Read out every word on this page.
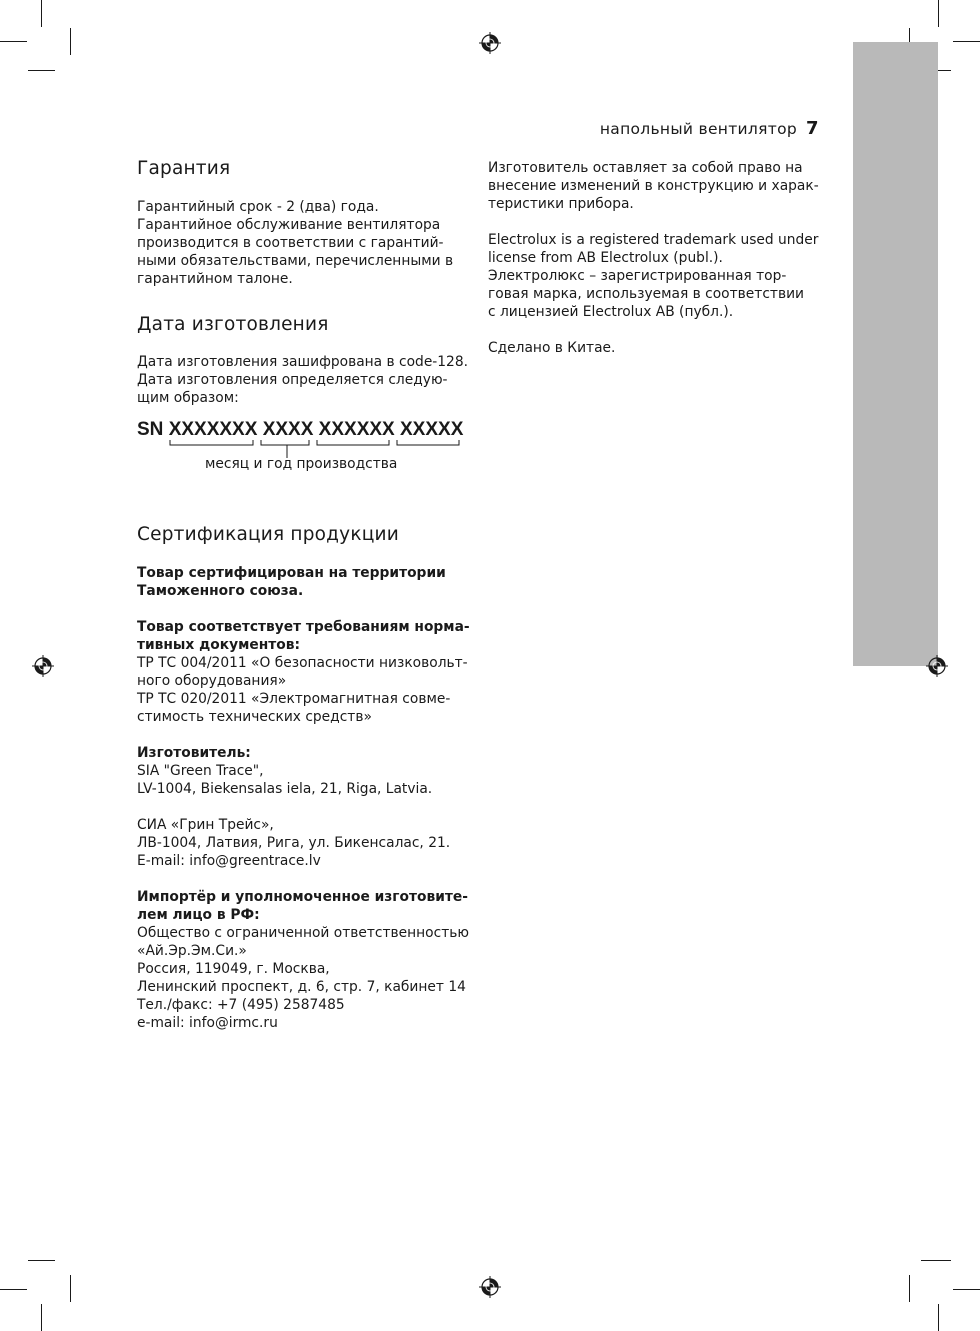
напольный вентилятор 7
Гарантия
Гарантийный срок - 2 (два) года.
Гарантийное обслуживание вентилятора
производится в соответствии с гарантий-
ными обязательствами, перечисленными в
гарантийном талоне.
Дата изготовления
Дата изготовления зашифрована в code-128.
Дата изготовления определяется следую-
щим образом:
SN XXXXXXX XXXX XXXXXX XXXXX
месяц и год производства
Сертификация продукции
Товар сертифицирован на территории
Таможенного союза.
Товар соответствует требованиям норма-
тивных документов:
ТР ТС 004/2011 «О безопасности низковольт-
ного оборудования»
ТР ТС 020/2011 «Электромагнитная совме-
стимость технических средств»
Изготовитель:
SIA "Green Trace",
LV-1004, Biekensalas iela, 21, Riga, Latvia.
СИА «Грин Трейс»,
ЛВ-1004, Латвия, Рига, ул. Бикенсалас, 21.
E-mail: info@greentrace.lv
Импортёр и уполномоченное изготовите-
лем лицо в РФ:
Общество с ограниченной ответственностью
«Ай.Эр.Эм.Си.»
Россия, 119049, г. Москва,
Ленинский проспект, д. 6, стр. 7, кабинет 14
Тел./факс: +7 (495) 2587485
e-mail: info@irmc.ru
Изготовитель оставляет за собой право на
внесение изменений в конструкцию и харак-
теристики прибора.
Electrolux is a registered trademark used under
license from AB Electrolux (publ.).
Электролюкс – зарегистрированная тор-
говая марка, используемая в соответствии
с лицензией Electrolux AB (публ.).
Сделано в Китае.
